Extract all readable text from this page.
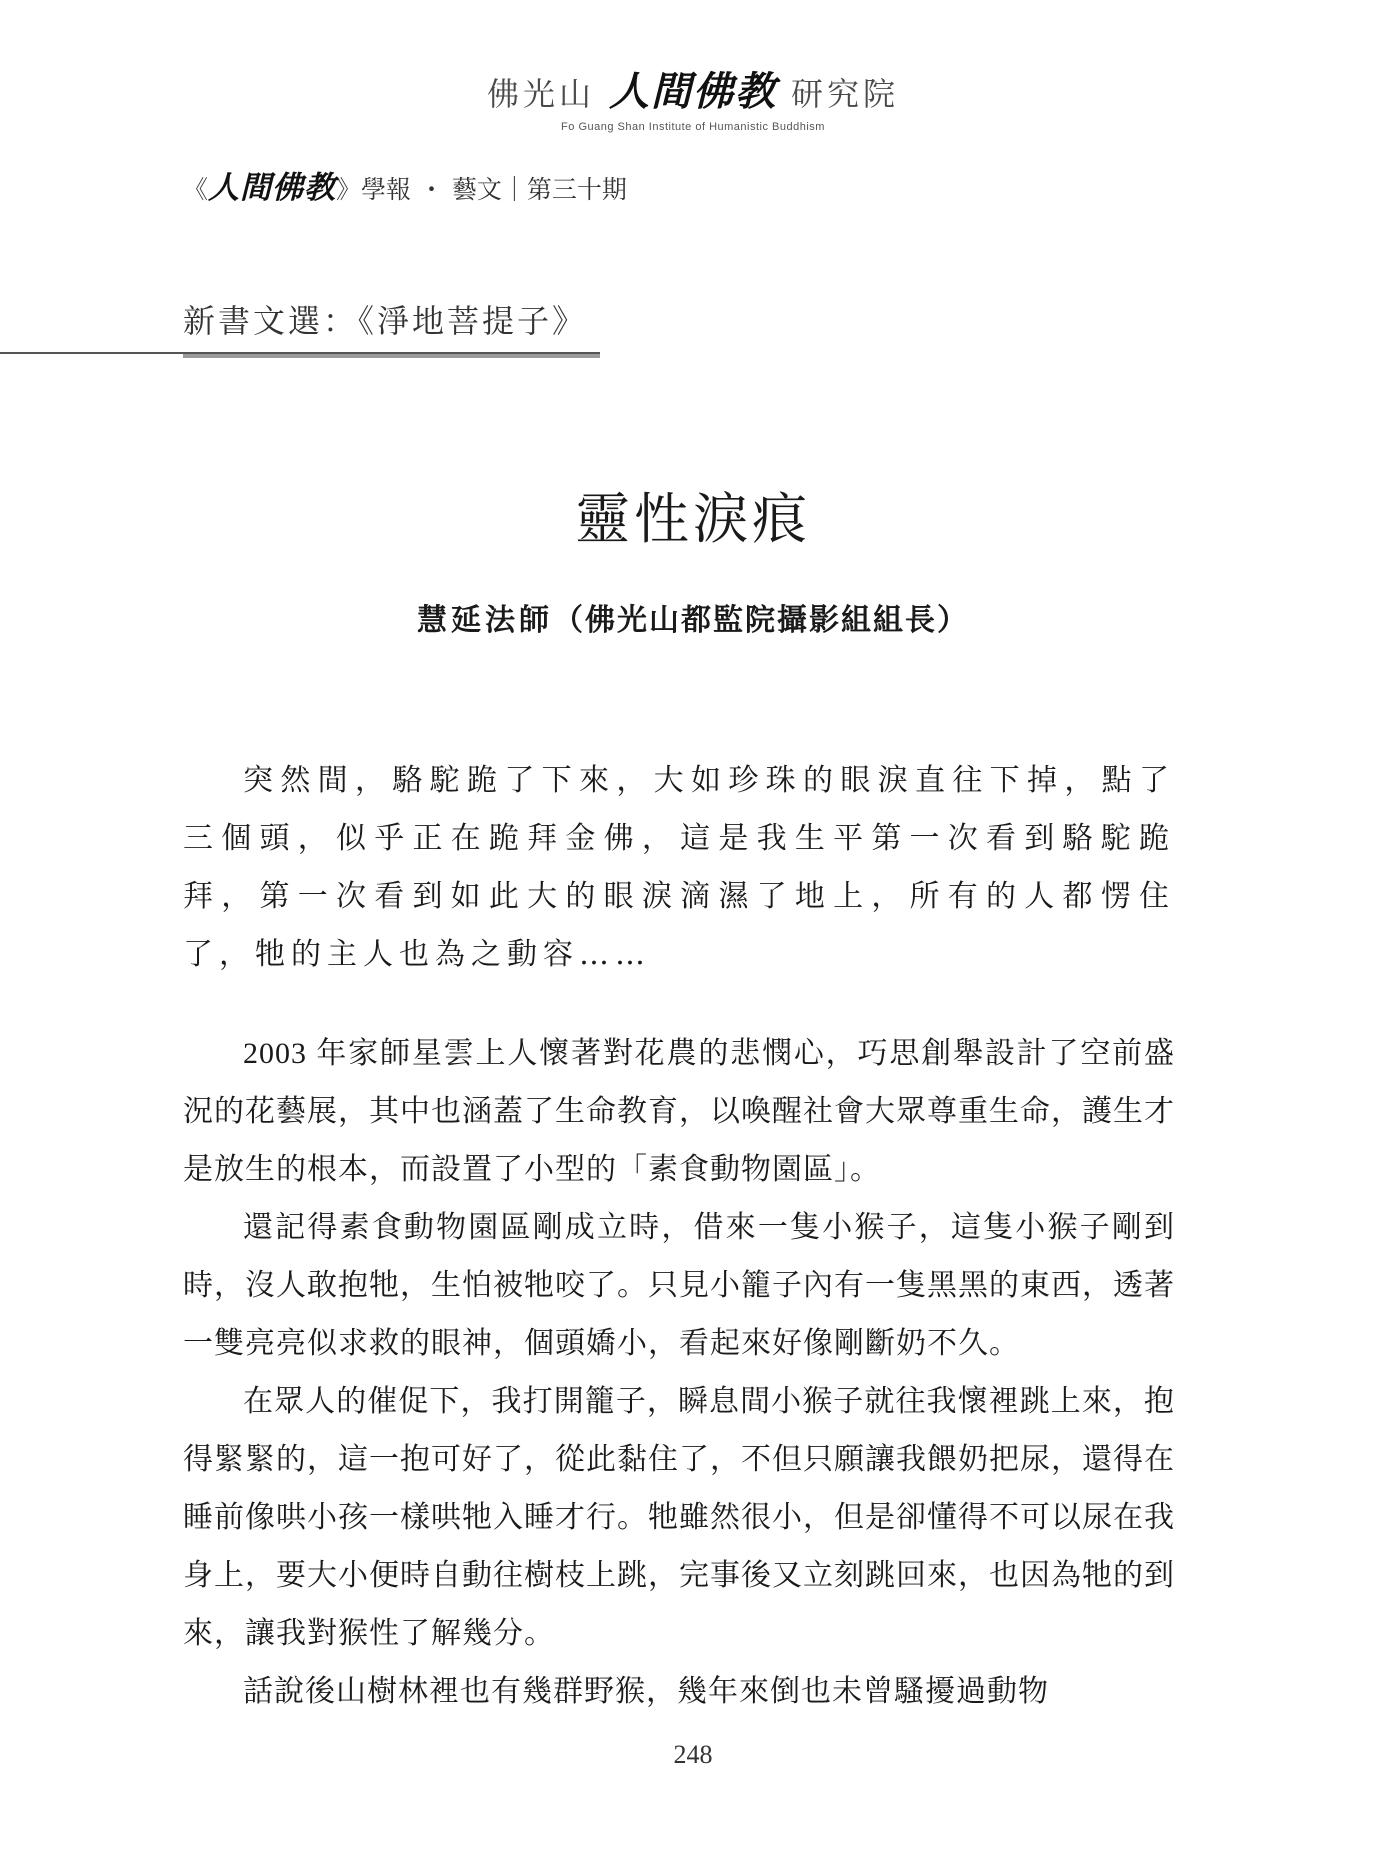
佛光山 人間佛教 研究院
Fo Guang Shan Institute of Humanistic Buddhism
《 人間佛教 》學報 ・ 藝文｜第三十期
新書文選：《淨地菩提子》
靈性淚痕
慧延法師（佛光山都監院攝影組組長）

突然間，駱駝跪了下來，大如珍珠的眼淚直往下掉，點了三個頭，似乎正在跪拜金佛，這是我生平第一次看到駱駝跪拜，第一次看到如此大的眼淚滴濕了地上，所有的人都愣住了，牠的主人也為之動容……

2003 年家師星雲上人懷著對花農的悲憫心，巧思創舉設計了空前盛況的花藝展，其中也涵蓋了生命教育，以喚醒社會大眾尊重生命，護生才是放生的根本，而設置了小型的「素食動物園區」。

還記得素食動物園區剛成立時，借來一隻小猴子，這隻小猴子剛到時，沒人敢抱牠，生怕被牠咬了。只見小籠子內有一隻黑黑的東西，透著一雙亮亮似求救的眼神，個頭嬌小，看起來好像剛斷奶不久。

在眾人的催促下，我打開籠子，瞬息間小猴子就往我懷裡跳上來，抱得緊緊的，這一抱可好了，從此黏住了，不但只願讓我餵奶把尿，還得在睡前像哄小孩一樣哄牠入睡才行。牠雖然很小，但是卻懂得不可以尿在我身上，要大小便時自動往樹枝上跳，完事後又立刻跳回來，也因為牠的到來，讓我對猴性了解幾分。

話說後山樹林裡也有幾群野猴，幾年來倒也未曾騷擾過動物

248
